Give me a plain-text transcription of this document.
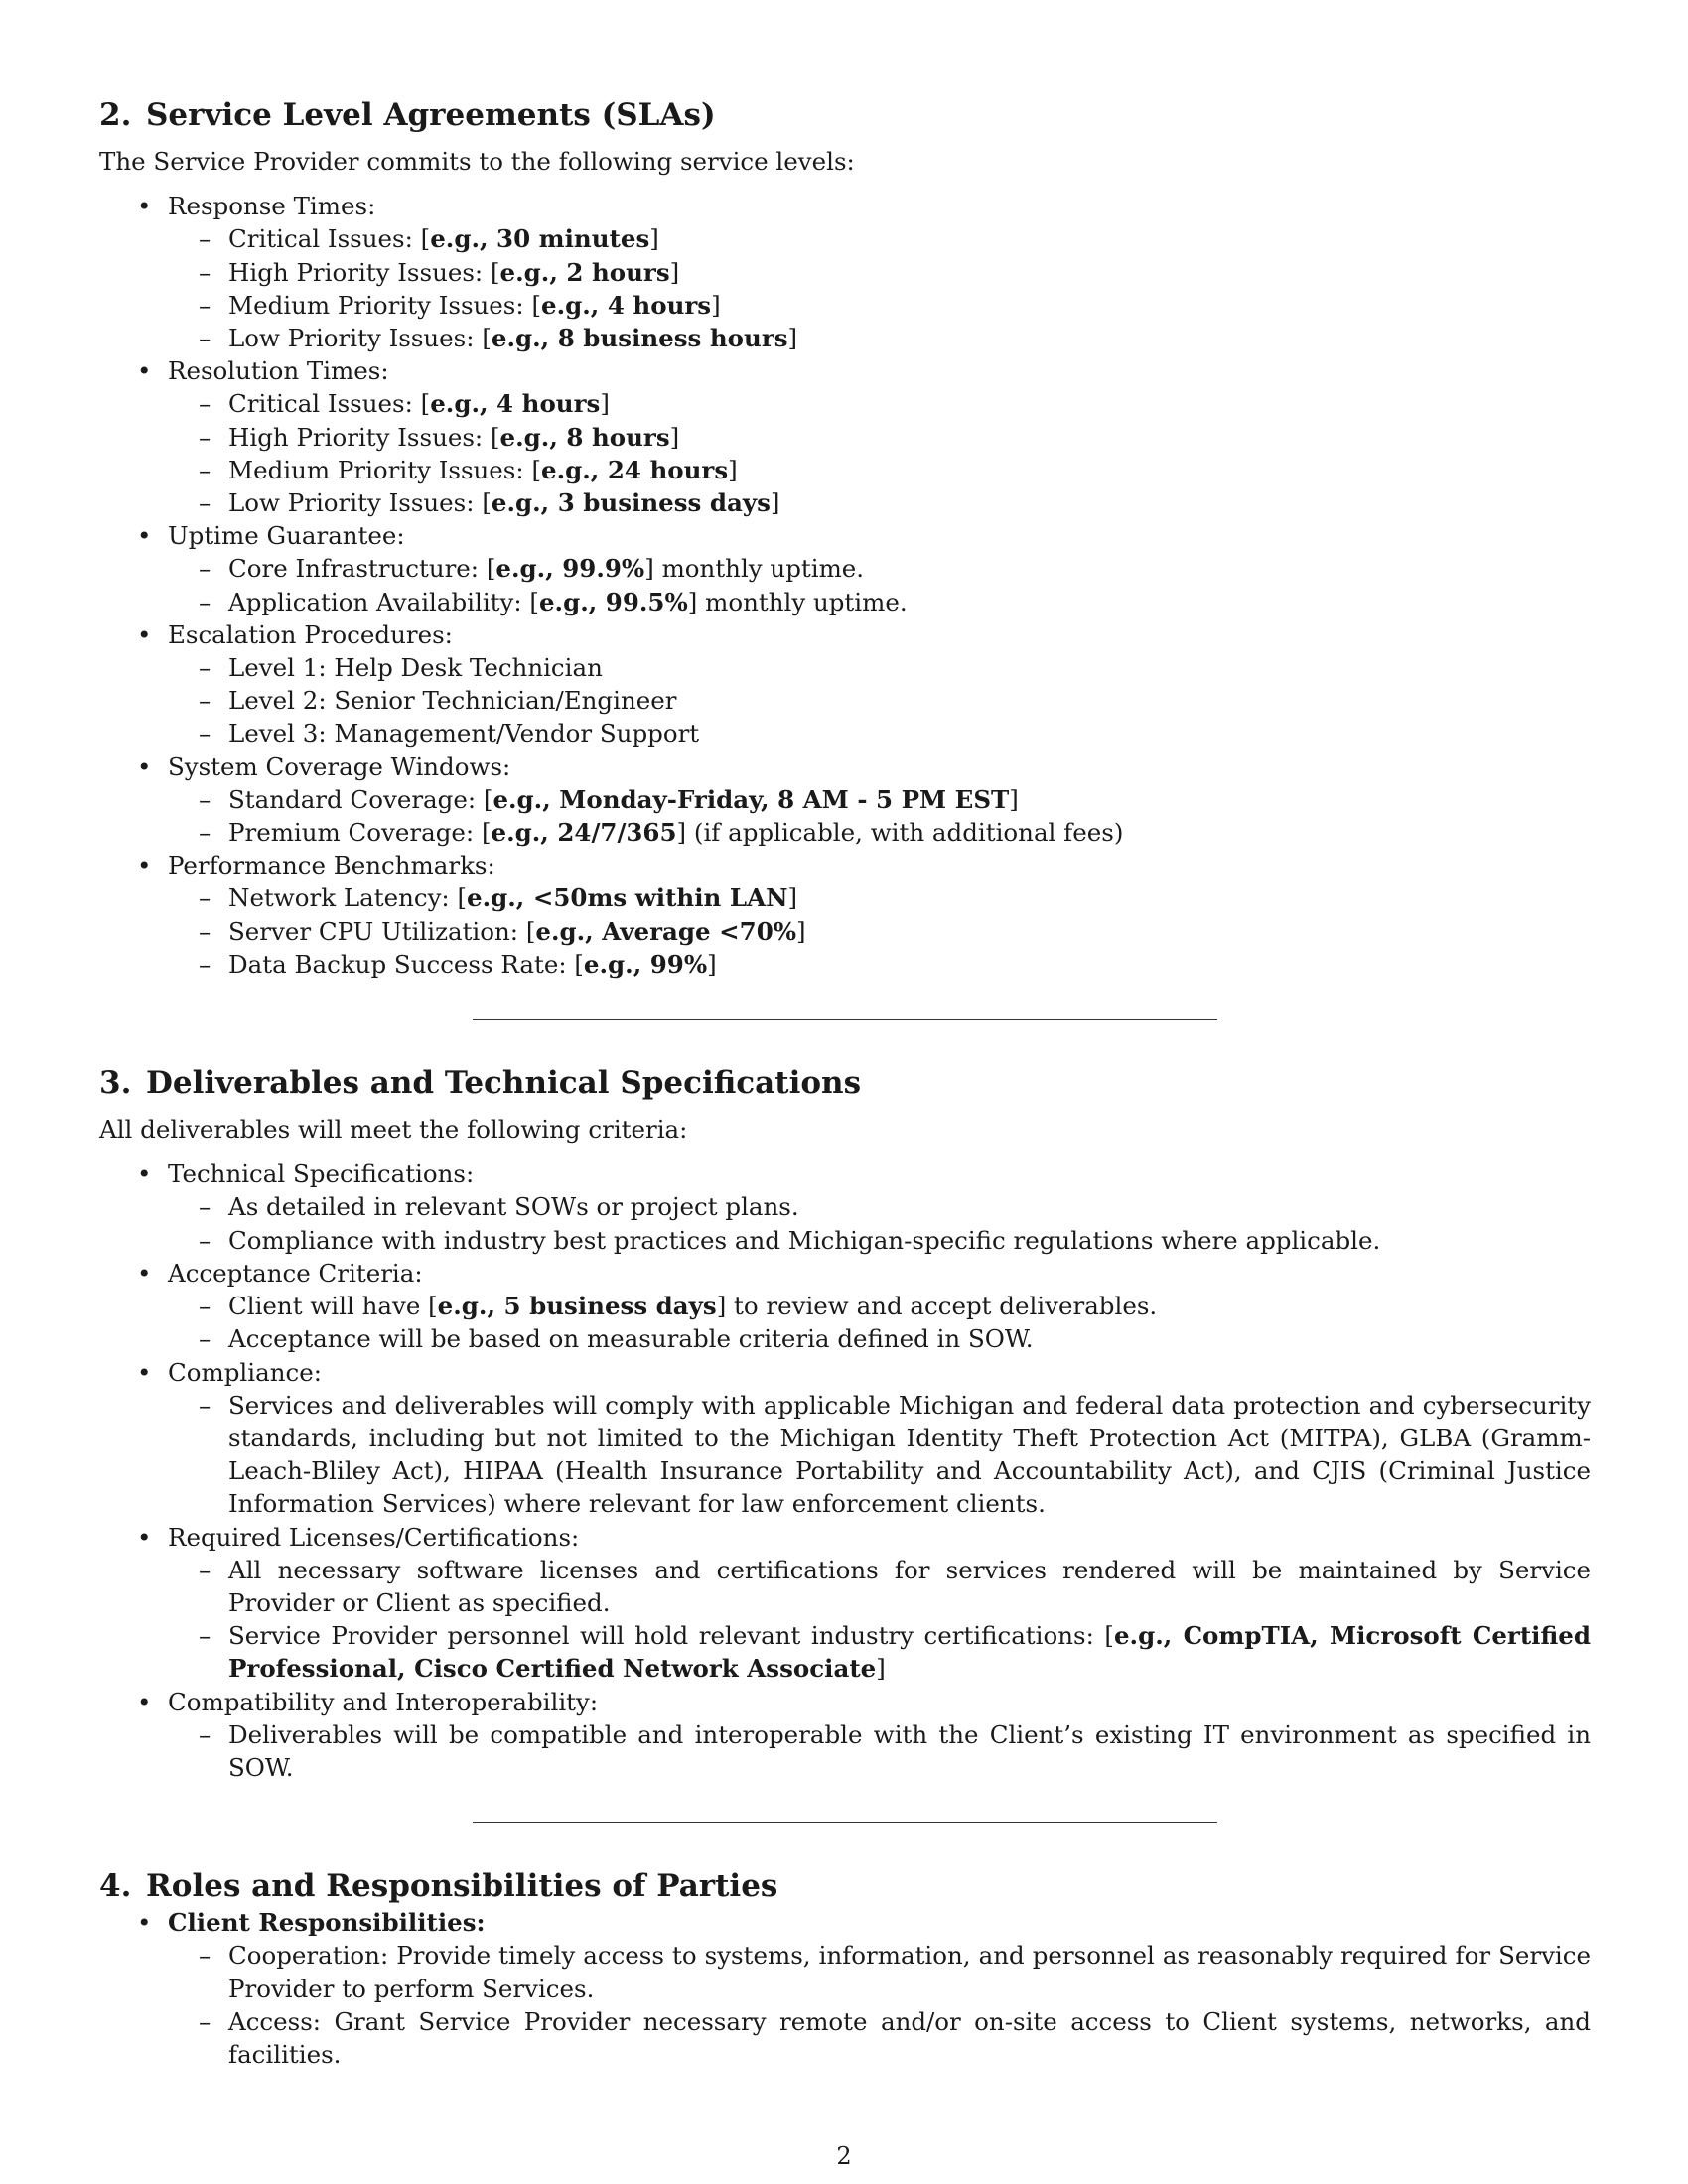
2. Service Level Agreements (SLAs)

The Service Provider commits to the following service levels:

• Response Times:
– Critical Issues: [e.g., 30 minutes]
– High Priority Issues: [e.g., 2 hours]
– Medium Priority Issues: [e.g., 4 hours]
– Low Priority Issues: [e.g., 8 business hours]
• Resolution Times:
– Critical Issues: [e.g., 4 hours]
– High Priority Issues: [e.g., 8 hours]
– Medium Priority Issues: [e.g., 24 hours]
– Low Priority Issues: [e.g., 3 business days]
• Uptime Guarantee:
– Core Infrastructure: [e.g., 99.9%] monthly uptime.
– Application Availability: [e.g., 99.5%] monthly uptime.
• Escalation Procedures:
– Level 1: Help Desk Technician
– Level 2: Senior Technician/Engineer
– Level 3: Management/Vendor Support
• System Coverage Windows:
– Standard Coverage: [e.g., Monday-Friday, 8 AM - 5 PM EST]
– Premium Coverage: [e.g., 24/7/365] (if applicable, with additional fees)
• Performance Benchmarks:
– Network Latency: [e.g., <50ms within LAN]
– Server CPU Utilization: [e.g., Average <70%]
– Data Backup Success Rate: [e.g., 99%]
3. Deliverables and Technical Specifications

All deliverables will meet the following criteria:

• Technical Specifications:
– As detailed in relevant SOWs or project plans.
– Compliance with industry best practices and Michigan-specific regulations where applicable.
• Acceptance Criteria:
– Client will have [e.g., 5 business days] to review and accept deliverables.
– Acceptance will be based on measurable criteria defined in SOW.
• Compliance:
– Services and deliverables will comply with applicable Michigan and federal data protection and cybersecurity standards, including but not limited to the Michigan Identity Theft Protection Act (MITPA), GLBA (Gramm-Leach-Bliley Act), HIPAA (Health Insurance Portability and Accountability Act), and CJIS (Criminal Justice Information Services) where relevant for law enforcement clients.
• Required Licenses/Certifications:
– All necessary software licenses and certifications for services rendered will be maintained by Service Provider or Client as specified.
– Service Provider personnel will hold relevant industry certifications: [e.g., CompTIA, Microsoft Certified Professional, Cisco Certified Network Associate]
• Compatibility and Interoperability:
– Deliverables will be compatible and interoperable with the Client’s existing IT environment as specified in SOW.
4. Roles and Responsibilities of Parties
• Client Responsibilities:
– Cooperation: Provide timely access to systems, information, and personnel as reasonably required for Service Provider to perform Services.
– Access: Grant Service Provider necessary remote and/or on-site access to Client systems, networks, and facilities.
2
